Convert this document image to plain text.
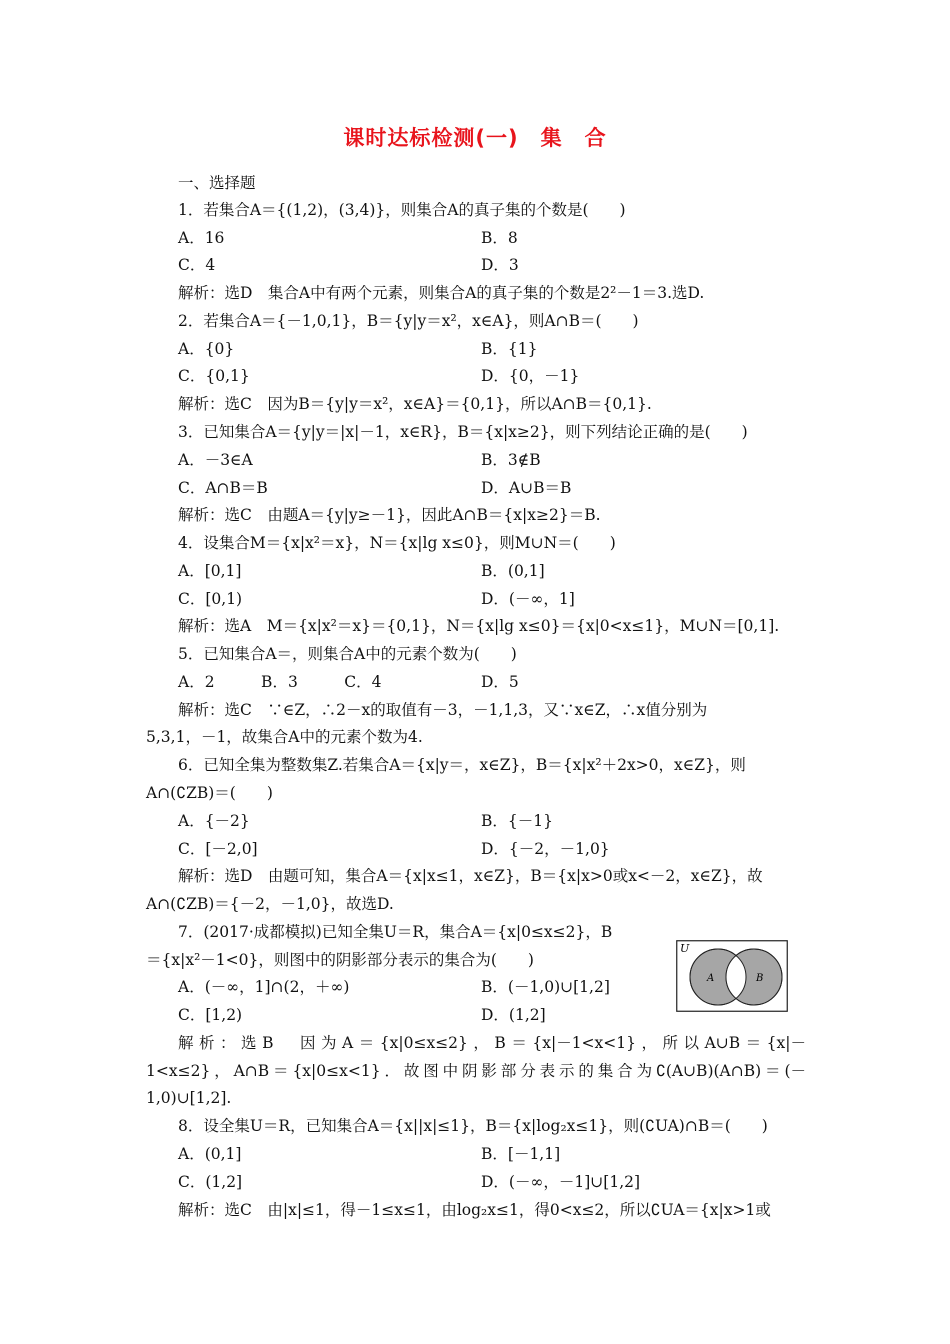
课时达标检测(一)　集　合
一、选择题
1．若集合A＝{(1,2)，(3,4)}，则集合A的真子集的个数是(　　)
A．16	B．8
C．4	D．3
解析：选D　集合A中有两个元素，则集合A的真子集的个数是2²－1＝3.选D.
2．若集合A＝{－1,0,1}，B＝{y|y＝x²，x∈A}，则A∩B＝(　　)
A．{0}	B．{1}
C．{0,1}	D．{0，－1}
解析：选C　因为B＝{y|y＝x²，x∈A}＝{0,1}，所以A∩B＝{0,1}.
3．已知集合A＝{y|y＝|x|－1，x∈R}，B＝{x|x≥2}，则下列结论正确的是(　　)
A．－3∈A	B．3∉B
C．A∩B＝B	D．A∪B＝B
解析：选C　由题A＝{y|y≥－1}，因此A∩B＝{x|x≥2}＝B.
4．设集合M＝{x|x²＝x}，N＝{x|lg x≤0}，则M∪N＝(　　)
A．[0,1]	B．(0,1]
C．[0,1)	D．(－∞，1]
解析：选A　M＝{x|x²＝x}＝{0,1}，N＝{x|lg x≤0}＝{x|0<x≤1}，M∪N＝[0,1].
5．已知集合A＝，则集合A中的元素个数为(　　)
A．2　　　B．3　　　C．4	D．5
解析：选C　∵∈Z，∴2－x的取值有－3，－1,1,3，又∵x∈Z，∴x值分别为
5,3,1，－1，故集合A中的元素个数为4.
6．已知全集为整数集Z.若集合A＝{x|y＝，x∈Z}，B＝{x|x²＋2x>0，x∈Z}，则
A∩(∁ZB)＝(　　)
A．{－2}	B．{－1}
C．[－2,0]	D．{－2，－1,0}
解析：选D　由题可知，集合A＝{x|x≤1，x∈Z}，B＝{x|x>0或x<－2，x∈Z}，故
A∩(∁ZB)＝{－2，－1,0}，故选D.
7．(2017·成都模拟)已知全集U＝R，集合A＝{x|0≤x≤2}，B
＝{x|x²－1<0}，则图中的阴影部分表示的集合为(　　)
A．(－∞，1]∩(2，＋∞)	B．(－1,0)∪[1,2]
C．[1,2)	D．(1,2]
解析：选B　因为A＝{x|0≤x≤2}，B＝{x|－1<x<1}，所以A∪B＝{x|－
1<x≤2}，A∩B＝{x|0≤x<1}．故图中阴影部分表示的集合为∁(A∪B)(A∩B)＝(－
1,0)∪[1,2].
8．设全集U＝R，已知集合A＝{x||x|≤1}，B＝{x|log₂x≤1}，则(∁UA)∩B＝(　　)
A．(0,1]	B．[－1,1]
C．(1,2]	D．(－∞，－1]∪[1,2]
解析：选C　由|x|≤1，得－1≤x≤1，由log₂x≤1，得0<x≤2，所以∁UA＝{x|x>1或
U
A	B
